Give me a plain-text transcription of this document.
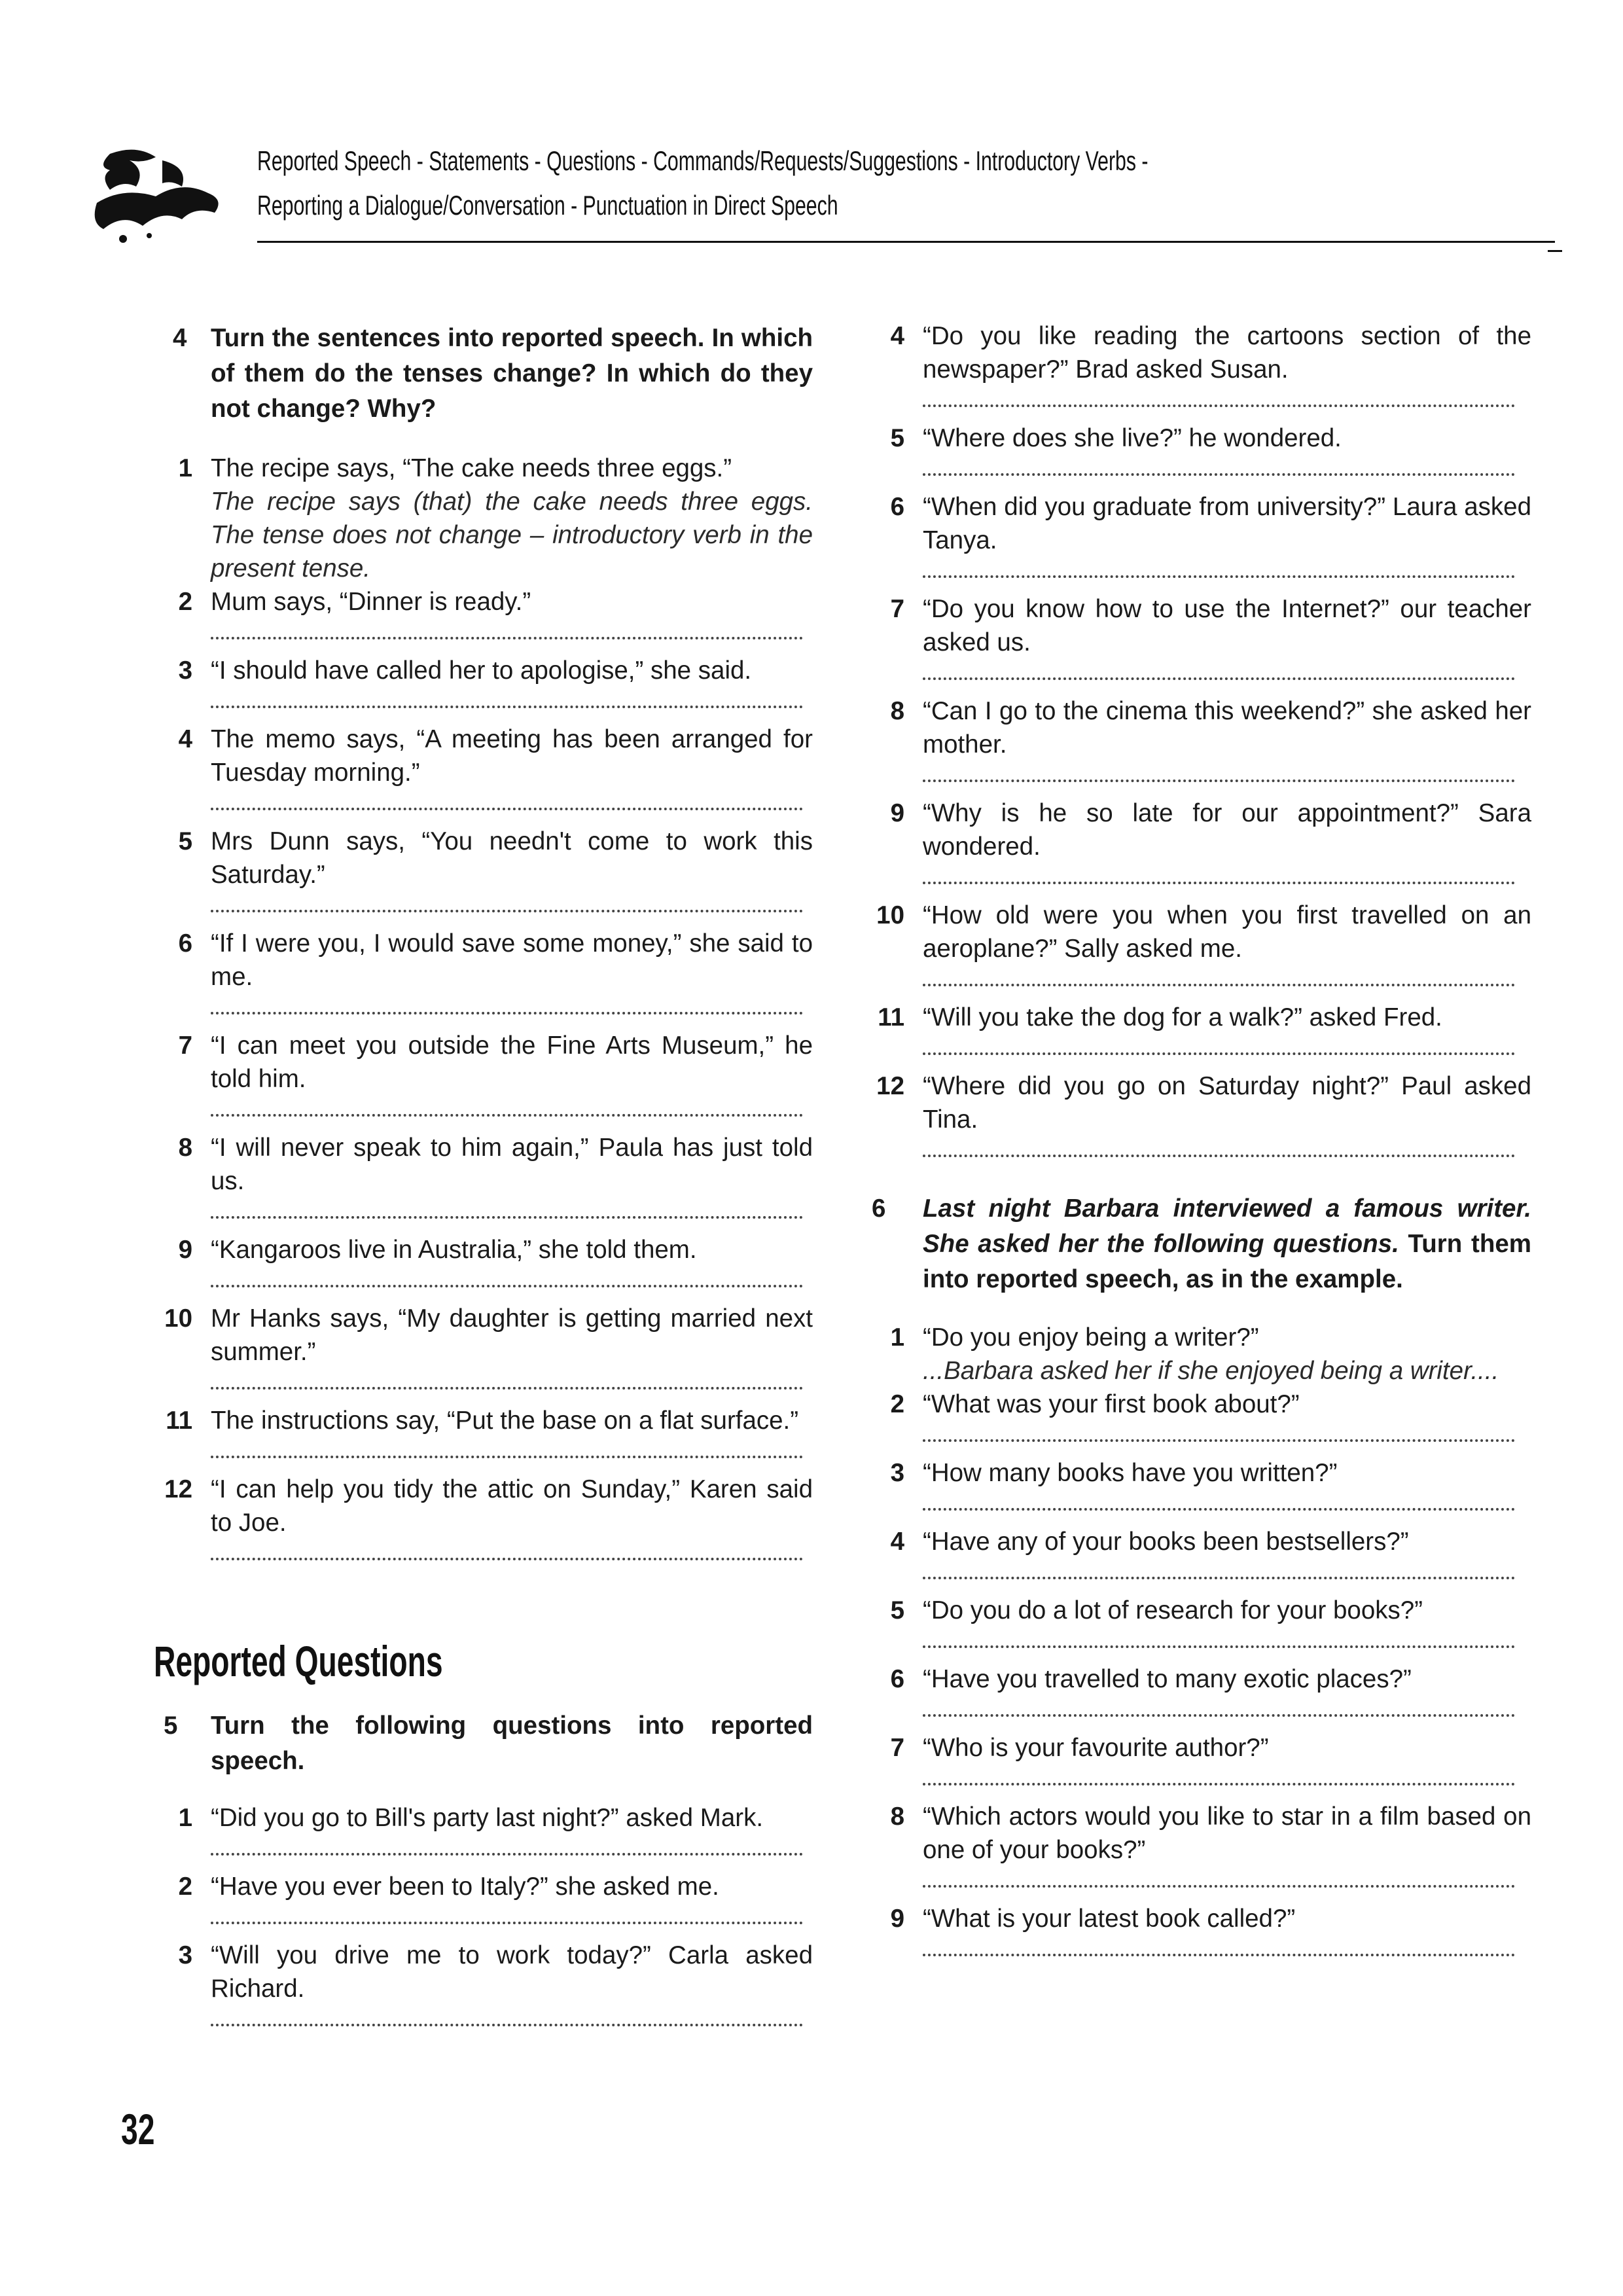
Reported Speech - Statements - Questions - Commands/Requests/Suggestions - Introductory Verbs -
Reporting a Dialogue/Conversation - Punctuation in Direct Speech
4 Turn the sentences into reported speech. In which of them do the tenses change? In which do they not change? Why?
1 The recipe says, “The cake needs three eggs.”
The recipe says (that) the cake needs three eggs. The tense does not change – introductory verb in the present tense.
2 Mum says, “Dinner is ready.”
3 “I should have called her to apologise,” she said.
4 The memo says, “A meeting has been arranged for Tuesday morning.”
5 Mrs Dunn says, “You needn't come to work this Saturday.”
6 “If I were you, I would save some money,” she said to me.
7 “I can meet you outside the Fine Arts Museum,” he told him.
8 “I will never speak to him again,” Paula has just told us.
9 “Kangaroos live in Australia,” she told them.
10 Mr Hanks says, “My daughter is getting married next summer.”
11 The instructions say, “Put the base on a flat surface.”
12 “I can help you tidy the attic on Sunday,” Karen said to Joe.
Reported Questions
5 Turn the following questions into reported speech.
1 “Did you go to Bill's party last night?” asked Mark.
2 “Have you ever been to Italy?” she asked me.
3 “Will you drive me to work today?” Carla asked Richard.
4 “Do you like reading the cartoons section of the newspaper?” Brad asked Susan.
5 “Where does she live?” he wondered.
6 “When did you graduate from university?” Laura asked Tanya.
7 “Do you know how to use the Internet?” our teacher asked us.
8 “Can I go to the cinema this weekend?” she asked her mother.
9 “Why is he so late for our appointment?” Sara wondered.
10 “How old were you when you first travelled on an aeroplane?” Sally asked me.
11 “Will you take the dog for a walk?” asked Fred.
12 “Where did you go on Saturday night?” Paul asked Tina.
6 Last night Barbara interviewed a famous writer. She asked her the following questions. Turn them into reported speech, as in the example.
1 “Do you enjoy being a writer?”
...Barbara asked her if she enjoyed being a writer....
2 “What was your first book about?”
3 “How many books have you written?”
4 “Have any of your books been bestsellers?”
5 “Do you do a lot of research for your books?”
6 “Have you travelled to many exotic places?”
7 “Who is your favourite author?”
8 “Which actors would you like to star in a film based on one of your books?”
9 “What is your latest book called?”
32
